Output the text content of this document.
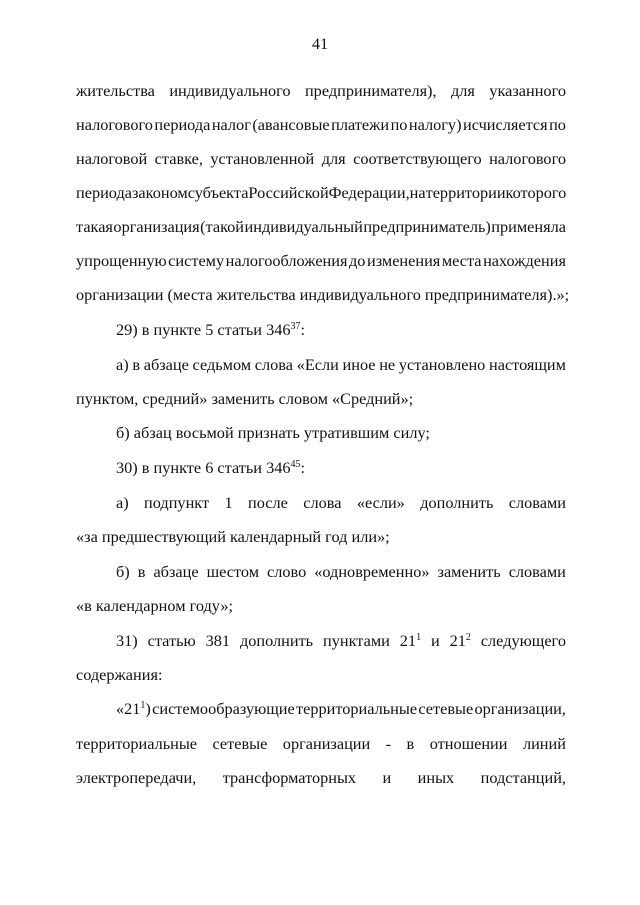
41
жительства индивидуального предпринимателя), для указанного
налогового периода налог (авансовые платежи по налогу) исчисляется по
налоговой ставке, установленной для соответствующего налогового
периода законом субъекта Российской Федерации, на территории которого
такая организация (такой индивидуальный предприниматель) применяла
упрощенную систему налогообложения до изменения места нахождения
организации (места жительства индивидуального предпринимателя).»;
29) в пункте 5 статьи $346^{37}$:
а) в абзаце седьмом слова «Если иное не установлено настоящим
пунктом, средний» заменить словом «Средний»;
б) абзац восьмой признать утратившим силу;
30) в пункте 6 статьи $346^{45}$:
а) подпункт 1 после слова «если» дополнить словами
«за предшествующий календарный год или»;
б) в абзаце шестом слово «одновременно» заменить словами
«в календарном году»;
31) статью 381 дополнить пунктами $21^1$ и $21^2$ следующего
содержания:
«$21^1$) системообразующие территориальные сетевые организации,
территориальные сетевые организации - в отношении линий
электропередачи, трансформаторных и иных подстанций,
